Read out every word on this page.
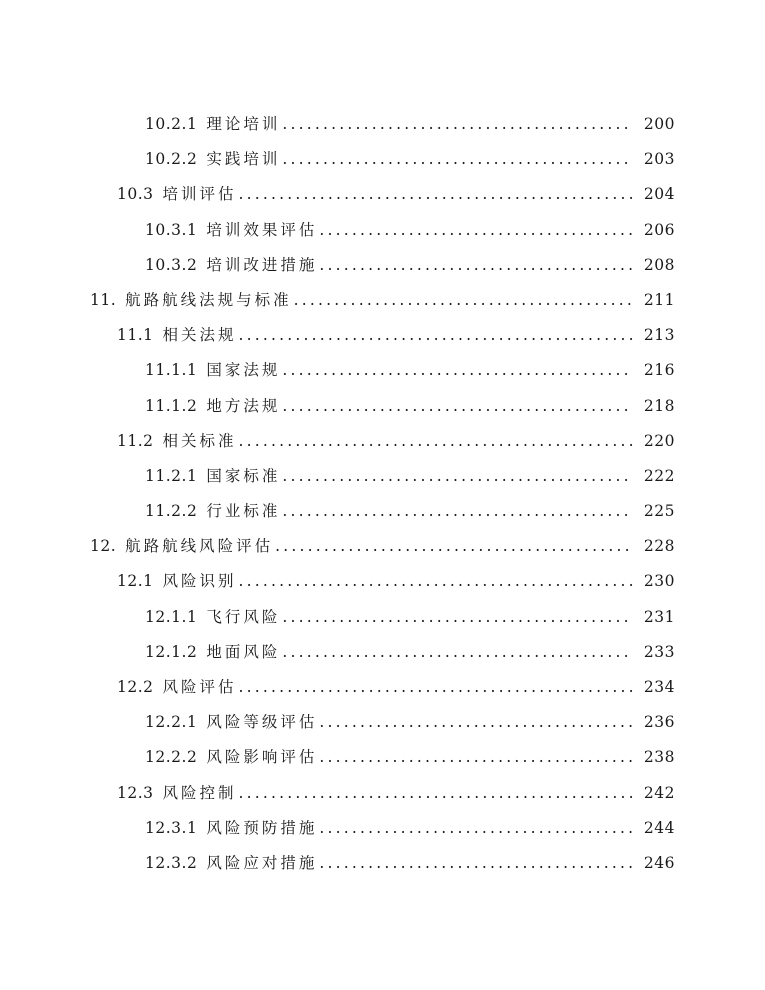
10.2.1 理论培训 .....	200
10.2.2 实践培训 .....	203
10.3 培训评估 .....	204
10.3.1 培训效果评估 .....	206
10.3.2 培训改进措施 .....	208
11. 航路航线法规与标准 .....	211
11.1 相关法规 .....	213
11.1.1 国家法规 .....	216
11.1.2 地方法规 .....	218
11.2 相关标准 .....	220
11.2.1 国家标准 .....	222
11.2.2 行业标准 .....	225
12. 航路航线风险评估 .....	228
12.1 风险识别 .....	230
12.1.1 飞行风险 .....	231
12.1.2 地面风险 .....	233
12.2 风险评估 .....	234
12.2.1 风险等级评估 .....	236
12.2.2 风险影响评估 .....	238
12.3 风险控制 .....	242
12.3.1 风险预防措施 .....	244
12.3.2 风险应对措施 .....	246
